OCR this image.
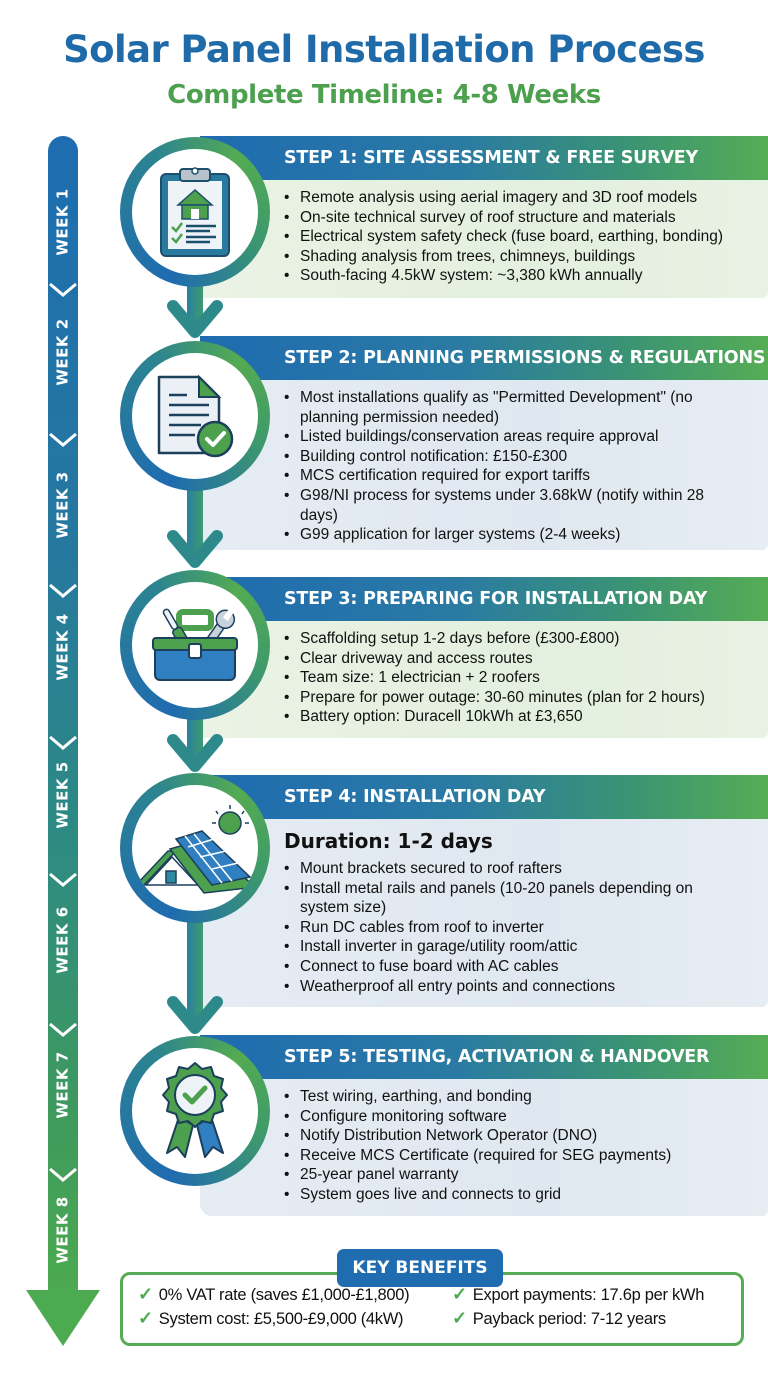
Solar Panel Installation Process
Complete Timeline: 4-8 Weeks
WEEK 1
WEEK 2
WEEK 3
WEEK 4
WEEK 5
WEEK 6
WEEK 7
WEEK 8
STEP 1: SITE ASSESSMENT & FREE SURVEY
• Remote analysis using aerial imagery and 3D roof models
• On-site technical survey of roof structure and materials
• Electrical system safety check (fuse board, earthing, bonding)
• Shading analysis from trees, chimneys, buildings
• South-facing 4.5kW system: ~3,380 kWh annually
STEP 2: PLANNING PERMISSIONS & REGULATIONS
• Most installations qualify as "Permitted Development" (no planning permission needed)
• Listed buildings/conservation areas require approval
• Building control notification: £150-£300
• MCS certification required for export tariffs
• G98/NI process for systems under 3.68kW (notify within 28 days)
• G99 application for larger systems (2-4 weeks)
STEP 3: PREPARING FOR INSTALLATION DAY
• Scaffolding setup 1-2 days before (£300-£800)
• Clear driveway and access routes
• Team size: 1 electrician + 2 roofers
• Prepare for power outage: 30-60 minutes (plan for 2 hours)
• Battery option: Duracell 10kWh at £3,650
STEP 4: INSTALLATION DAY
Duration: 1-2 days
• Mount brackets secured to roof rafters
• Install metal rails and panels (10-20 panels depending on system size)
• Run DC cables from roof to inverter
• Install inverter in garage/utility room/attic
• Connect to fuse board with AC cables
• Weatherproof all entry points and connections
STEP 5: TESTING, ACTIVATION & HANDOVER
• Test wiring, earthing, and bonding
• Configure monitoring software
• Notify Distribution Network Operator (DNO)
• Receive MCS Certificate (required for SEG payments)
• 25-year panel warranty
• System goes live and connects to grid
KEY BENEFITS
✓ 0% VAT rate (saves £1,000-£1,800)
✓ System cost: £5,500-£9,000 (4kW)
✓ Export payments: 17.6p per kWh
✓ Payback period: 7-12 years
